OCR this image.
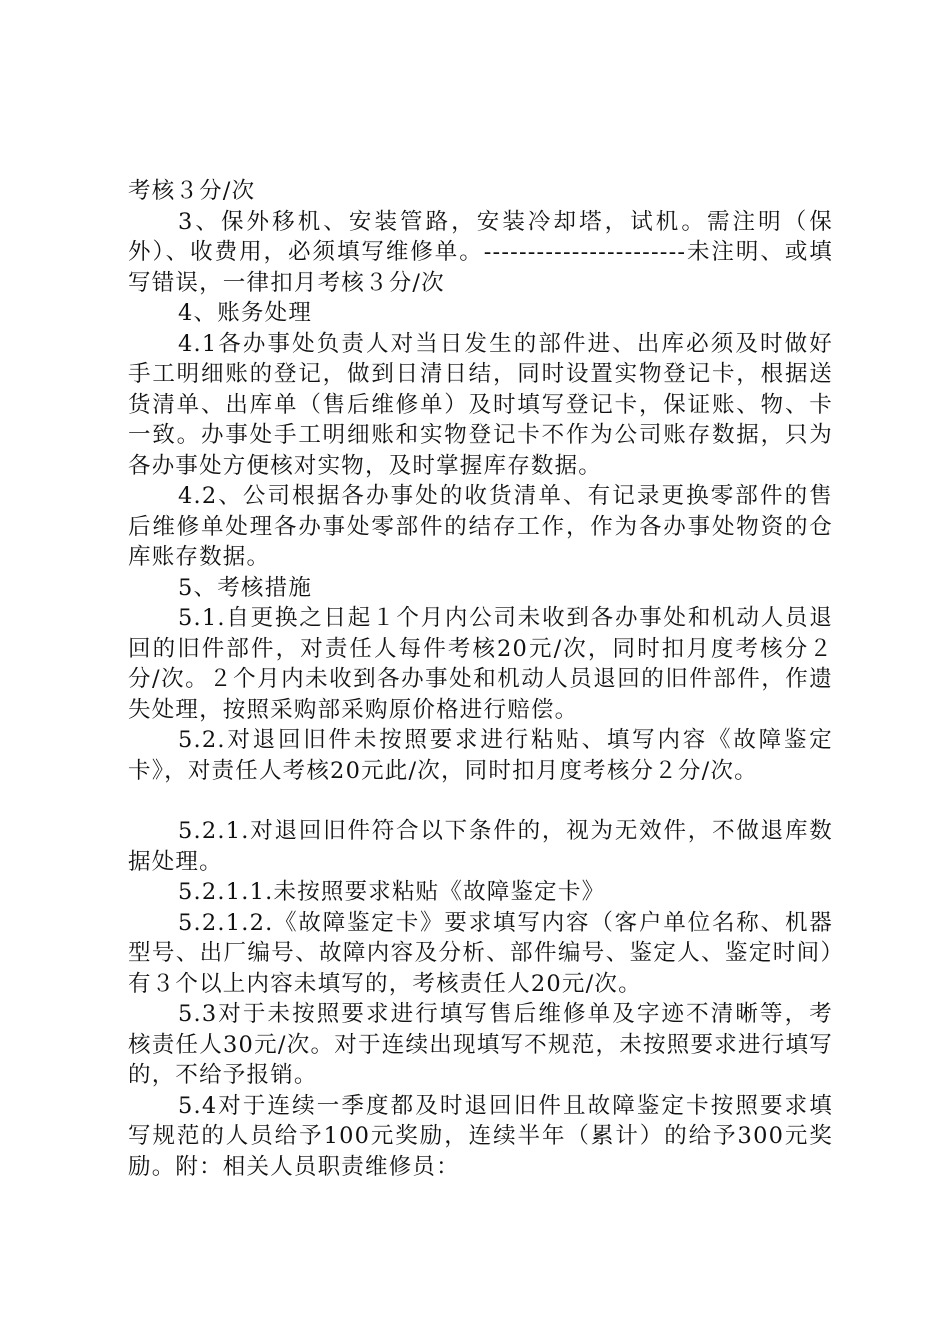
考核３分/次

3、保外移机、安装管路，安装冷却塔，试机。需注明（保外）、收费用，必须填写维修单。-----------------------未注明、或填写错误，一律扣月考核３分/次

4、账务处理

4.1各办事处负责人对当日发生的部件进、出库必须及时做好手工明细账的登记，做到日清日结，同时设置实物登记卡，根据送货清单、出库单（售后维修单）及时填写登记卡，保证账、物、卡一致。办事处手工明细账和实物登记卡不作为公司账存数据，只为各办事处方便核对实物，及时掌握库存数据。

4.2、公司根据各办事处的收货清单、有记录更换零部件的售后维修单处理各办事处零部件的结存工作，作为各办事处物资的仓库账存数据。

5、考核措施

5.1.自更换之日起１个月内公司未收到各办事处和机动人员退回的旧件部件，对责任人每件考核20元/次，同时扣月度考核分２分/次。２个月内未收到各办事处和机动人员退回的旧件部件，作遗失处理，按照采购部采购原价格进行赔偿。

5.2.对退回旧件未按照要求进行粘贴、填写内容《故障鉴定卡》，对责任人考核20元此/次，同时扣月度考核分２分/次。

5.2.1.对退回旧件符合以下条件的，视为无效件，不做退库数据处理。

5.2.1.1.未按照要求粘贴《故障鉴定卡》

5.2.1.2.《故障鉴定卡》要求填写内容（客户单位名称、机器型号、出厂编号、故障内容及分析、部件编号、鉴定人、鉴定时间）有３个以上内容未填写的，考核责任人20元/次。

5.3对于未按照要求进行填写售后维修单及字迹不清晰等，考核责任人30元/次。对于连续出现填写不规范，未按照要求进行填写的，不给予报销。

5.4对于连续一季度都及时退回旧件且故障鉴定卡按照要求填写规范的人员给予100元奖励，连续半年（累计）的给予300元奖励。附：相关人员职责维修员：
